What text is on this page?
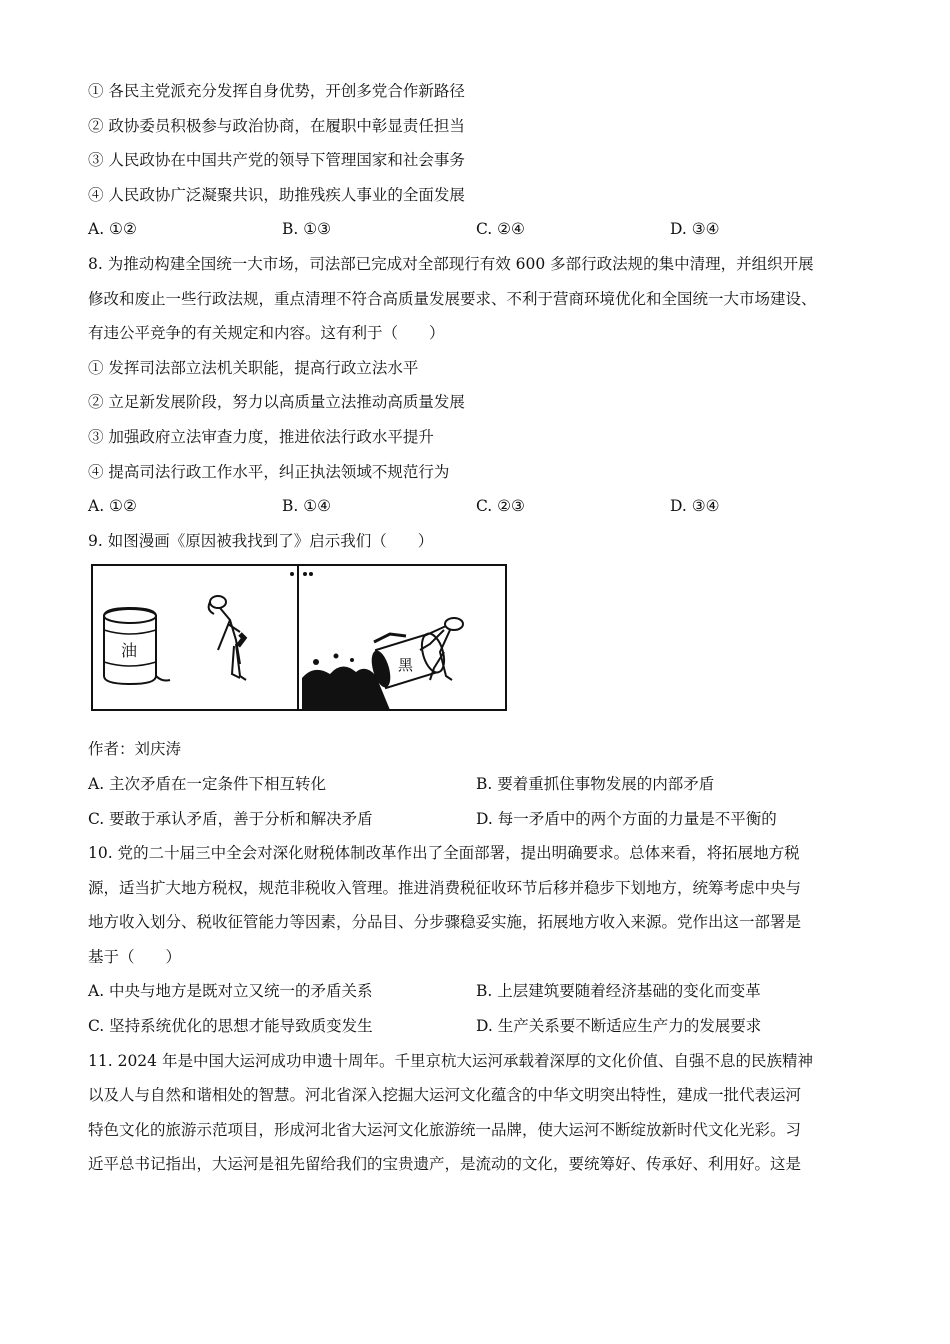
① 各民主党派充分发挥自身优势，开创多党合作新路径
② 政协委员积极参与政治协商，在履职中彰显责任担当
③ 人民政协在中国共产党的领导下管理国家和社会事务
④ 人民政协广泛凝聚共识，助推残疾人事业的全面发展
A. ①②	B. ①③	C. ②④	D. ③④
8. 为推动构建全国统一大市场，司法部已完成对全部现行有效 600 多部行政法规的集中清理，并组织开展
修改和废止一些行政法规，重点清理不符合高质量发展要求、不利于营商环境优化和全国统一大市场建设、
有违公平竞争的有关规定和内容。这有利于（　　）
① 发挥司法部立法机关职能，提高行政立法水平
② 立足新发展阶段，努力以高质量立法推动高质量发展
③ 加强政府立法审查力度，推进依法行政水平提升
④ 提高司法行政工作水平，纠正执法领域不规范行为
A. ①②	B. ①④	C. ②③	D. ③④
9. 如图漫画《原因被我找到了》启示我们（　　）
油
黑
作者：刘庆涛
A. 主次矛盾在一定条件下相互转化	B. 要着重抓住事物发展的内部矛盾
C. 要敢于承认矛盾，善于分析和解决矛盾	D. 每一矛盾中的两个方面的力量是不平衡的
10. 党的二十届三中全会对深化财税体制改革作出了全面部署，提出明确要求。总体来看，将拓展地方税
源，适当扩大地方税权，规范非税收入管理。推进消费税征收环节后移并稳步下划地方，统筹考虑中央与
地方收入划分、税收征管能力等因素，分品目、分步骤稳妥实施，拓展地方收入来源。党作出这一部署是
基于（　　）
A. 中央与地方是既对立又统一的矛盾关系	B. 上层建筑要随着经济基础的变化而变革
C. 坚持系统优化的思想才能导致质变发生	D. 生产关系要不断适应生产力的发展要求
11. 2024 年是中国大运河成功申遗十周年。千里京杭大运河承载着深厚的文化价值、自强不息的民族精神
以及人与自然和谐相处的智慧。河北省深入挖掘大运河文化蕴含的中华文明突出特性，建成一批代表运河
特色文化的旅游示范项目，形成河北省大运河文化旅游统一品牌，使大运河不断绽放新时代文化光彩。习
近平总书记指出，大运河是祖先留给我们的宝贵遗产，是流动的文化，要统筹好、传承好、利用好。这是
